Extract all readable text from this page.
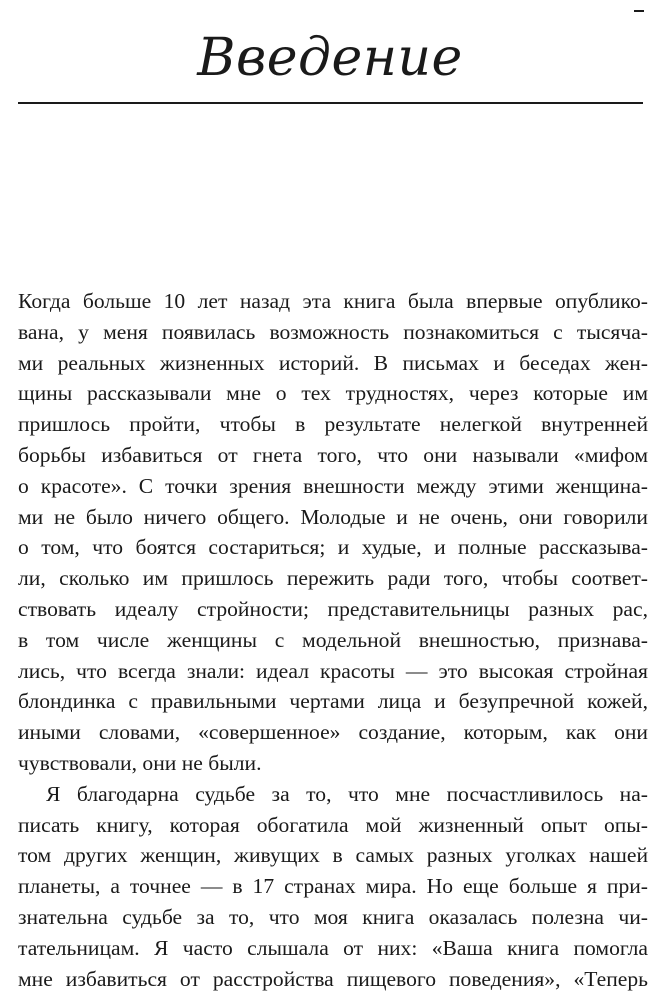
Введение
Когда больше 10 лет назад эта книга была впервые опублико-
вана, у меня появилась возможность познакомиться с тысяча-
ми реальных жизненных историй. В письмах и беседах жен-
щины рассказывали мне о тех трудностях, через которые им
пришлось пройти, чтобы в результате нелегкой внутренней
борьбы избавиться от гнета того, что они называли «мифом
о красоте». С точки зрения внешности между этими женщина-
ми не было ничего общего. Молодые и не очень, они говорили
о том, что боятся состариться; и худые, и полные рассказыва-
ли, сколько им пришлось пережить ради того, чтобы соответ-
ствовать идеалу стройности; представительницы разных рас,
в том числе женщины с модельной внешностью, признава-
лись, что всегда знали: идеал красоты — это высокая стройная
блондинка с правильными чертами лица и безупречной кожей,
иными словами, «совершенное» создание, которым, как они
чувствовали, они не были.
Я благодарна судьбе за то, что мне посчастливилось на-
писать книгу, которая обогатила мой жизненный опыт опы-
том других женщин, живущих в самых разных уголках нашей
планеты, а точнее — в 17 странах мира. Но еще больше я при-
знательна судьбе за то, что моя книга оказалась полезна чи-
тательницам. Я часто слышала от них: «Ваша книга помогла
мне избавиться от расстройства пищевого поведения», «Теперь
